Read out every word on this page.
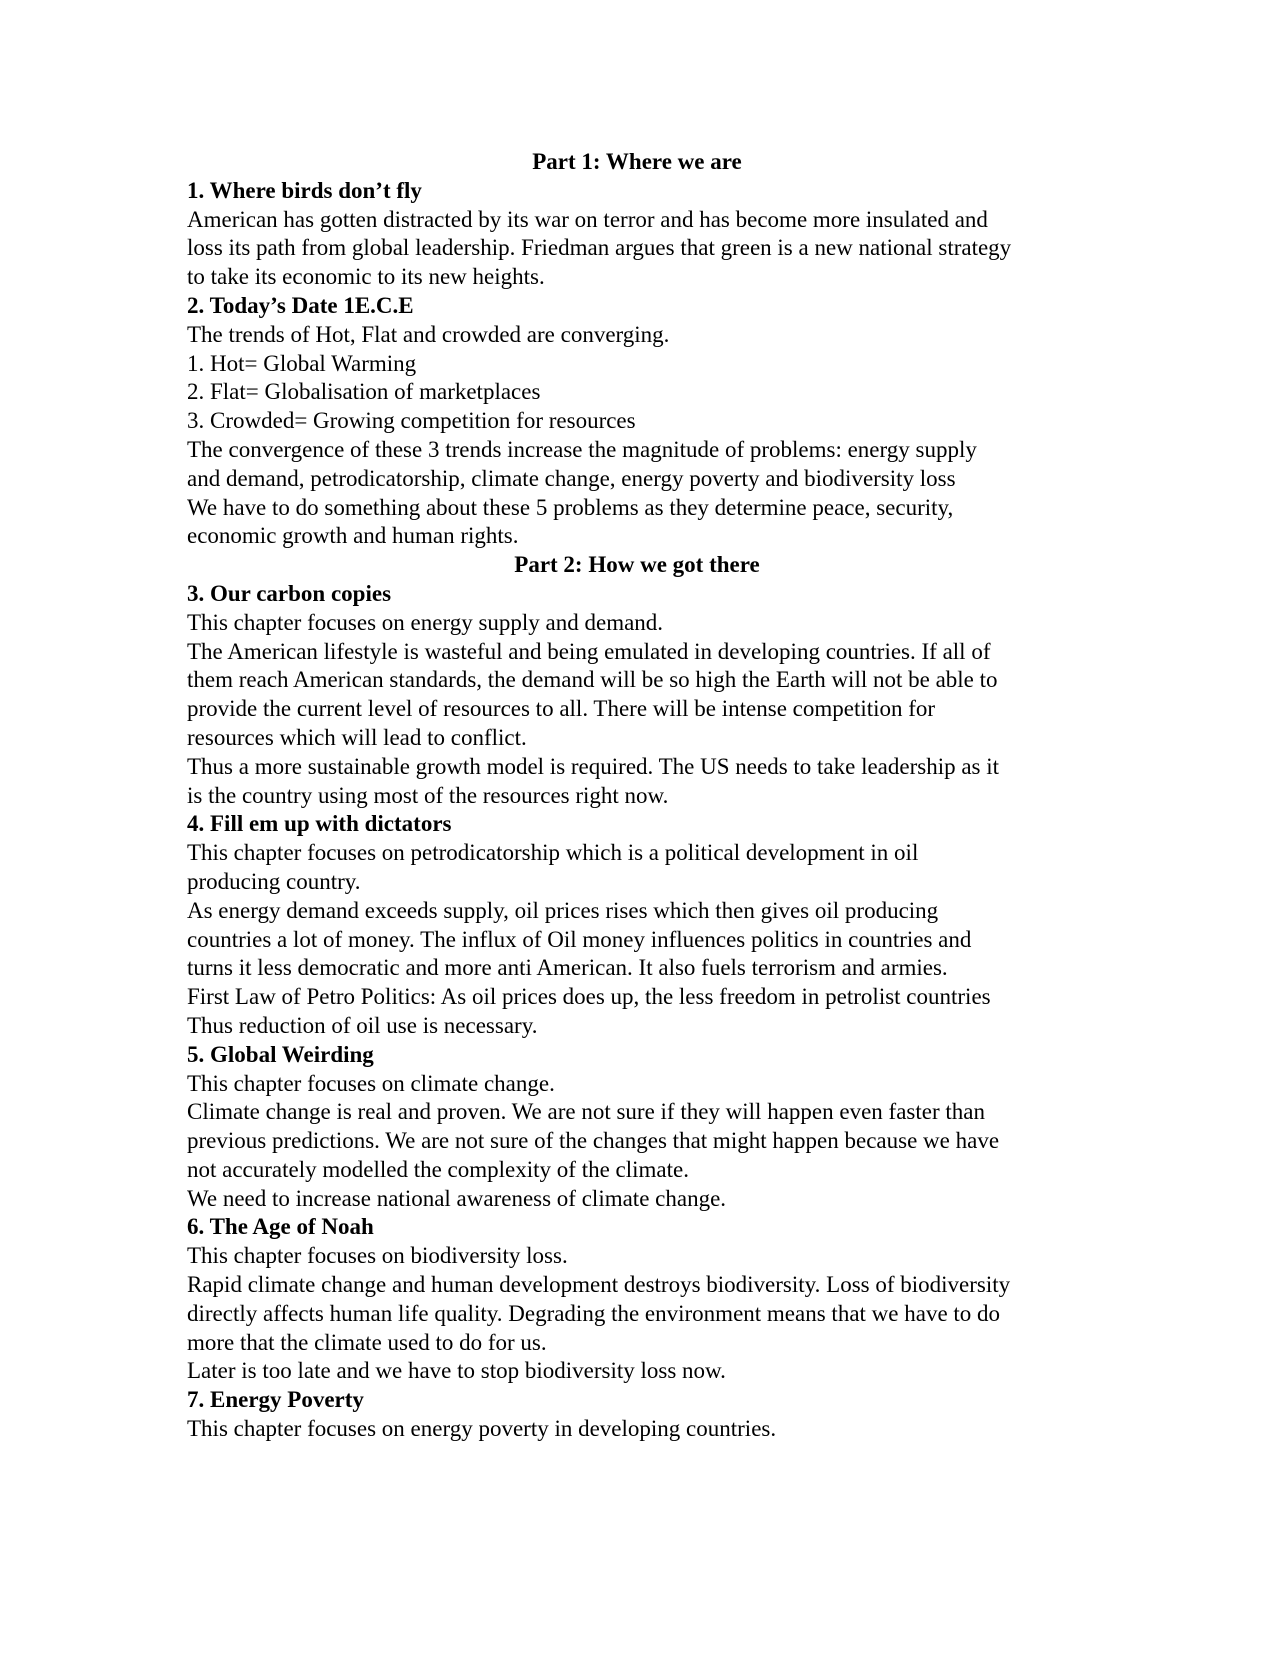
Part 1: Where we are
1. Where birds don’t fly
American has gotten distracted by its war on terror and has become more insulated and
loss its path from global leadership. Friedman argues that green is a new national strategy
to take its economic to its new heights.
2. Today’s Date 1E.C.E
The trends of Hot, Flat and crowded are converging.
1. Hot= Global Warming
2. Flat= Globalisation of marketplaces
3. Crowded= Growing competition for resources
The convergence of these 3 trends increase the magnitude of problems: energy supply
and demand, petrodicatorship, climate change, energy poverty and biodiversity loss
We have to do something about these 5 problems as they determine peace, security,
economic growth and human rights.
Part 2: How we got there
3. Our carbon copies
This chapter focuses on energy supply and demand.
The American lifestyle is wasteful and being emulated in developing countries. If all of
them reach American standards, the demand will be so high the Earth will not be able to
provide the current level of resources to all. There will be intense competition for
resources which will lead to conflict.
Thus a more sustainable growth model is required. The US needs to take leadership as it
is the country using most of the resources right now.
4. Fill em up with dictators
This chapter focuses on petrodicatorship which is a political development in oil
producing country.
As energy demand exceeds supply, oil prices rises which then gives oil producing
countries a lot of money. The influx of Oil money influences politics in countries and
turns it less democratic and more anti American. It also fuels terrorism and armies.
First Law of Petro Politics: As oil prices does up, the less freedom in petrolist countries
Thus reduction of oil use is necessary.
5. Global Weirding
This chapter focuses on climate change.
Climate change is real and proven. We are not sure if they will happen even faster than
previous predictions. We are not sure of the changes that might happen because we have
not accurately modelled the complexity of the climate.
We need to increase national awareness of climate change.
6. The Age of Noah
This chapter focuses on biodiversity loss.
Rapid climate change and human development destroys biodiversity. Loss of biodiversity
directly affects human life quality. Degrading the environment means that we have to do
more that the climate used to do for us.
Later is too late and we have to stop biodiversity loss now.
7. Energy Poverty
This chapter focuses on energy poverty in developing countries.
